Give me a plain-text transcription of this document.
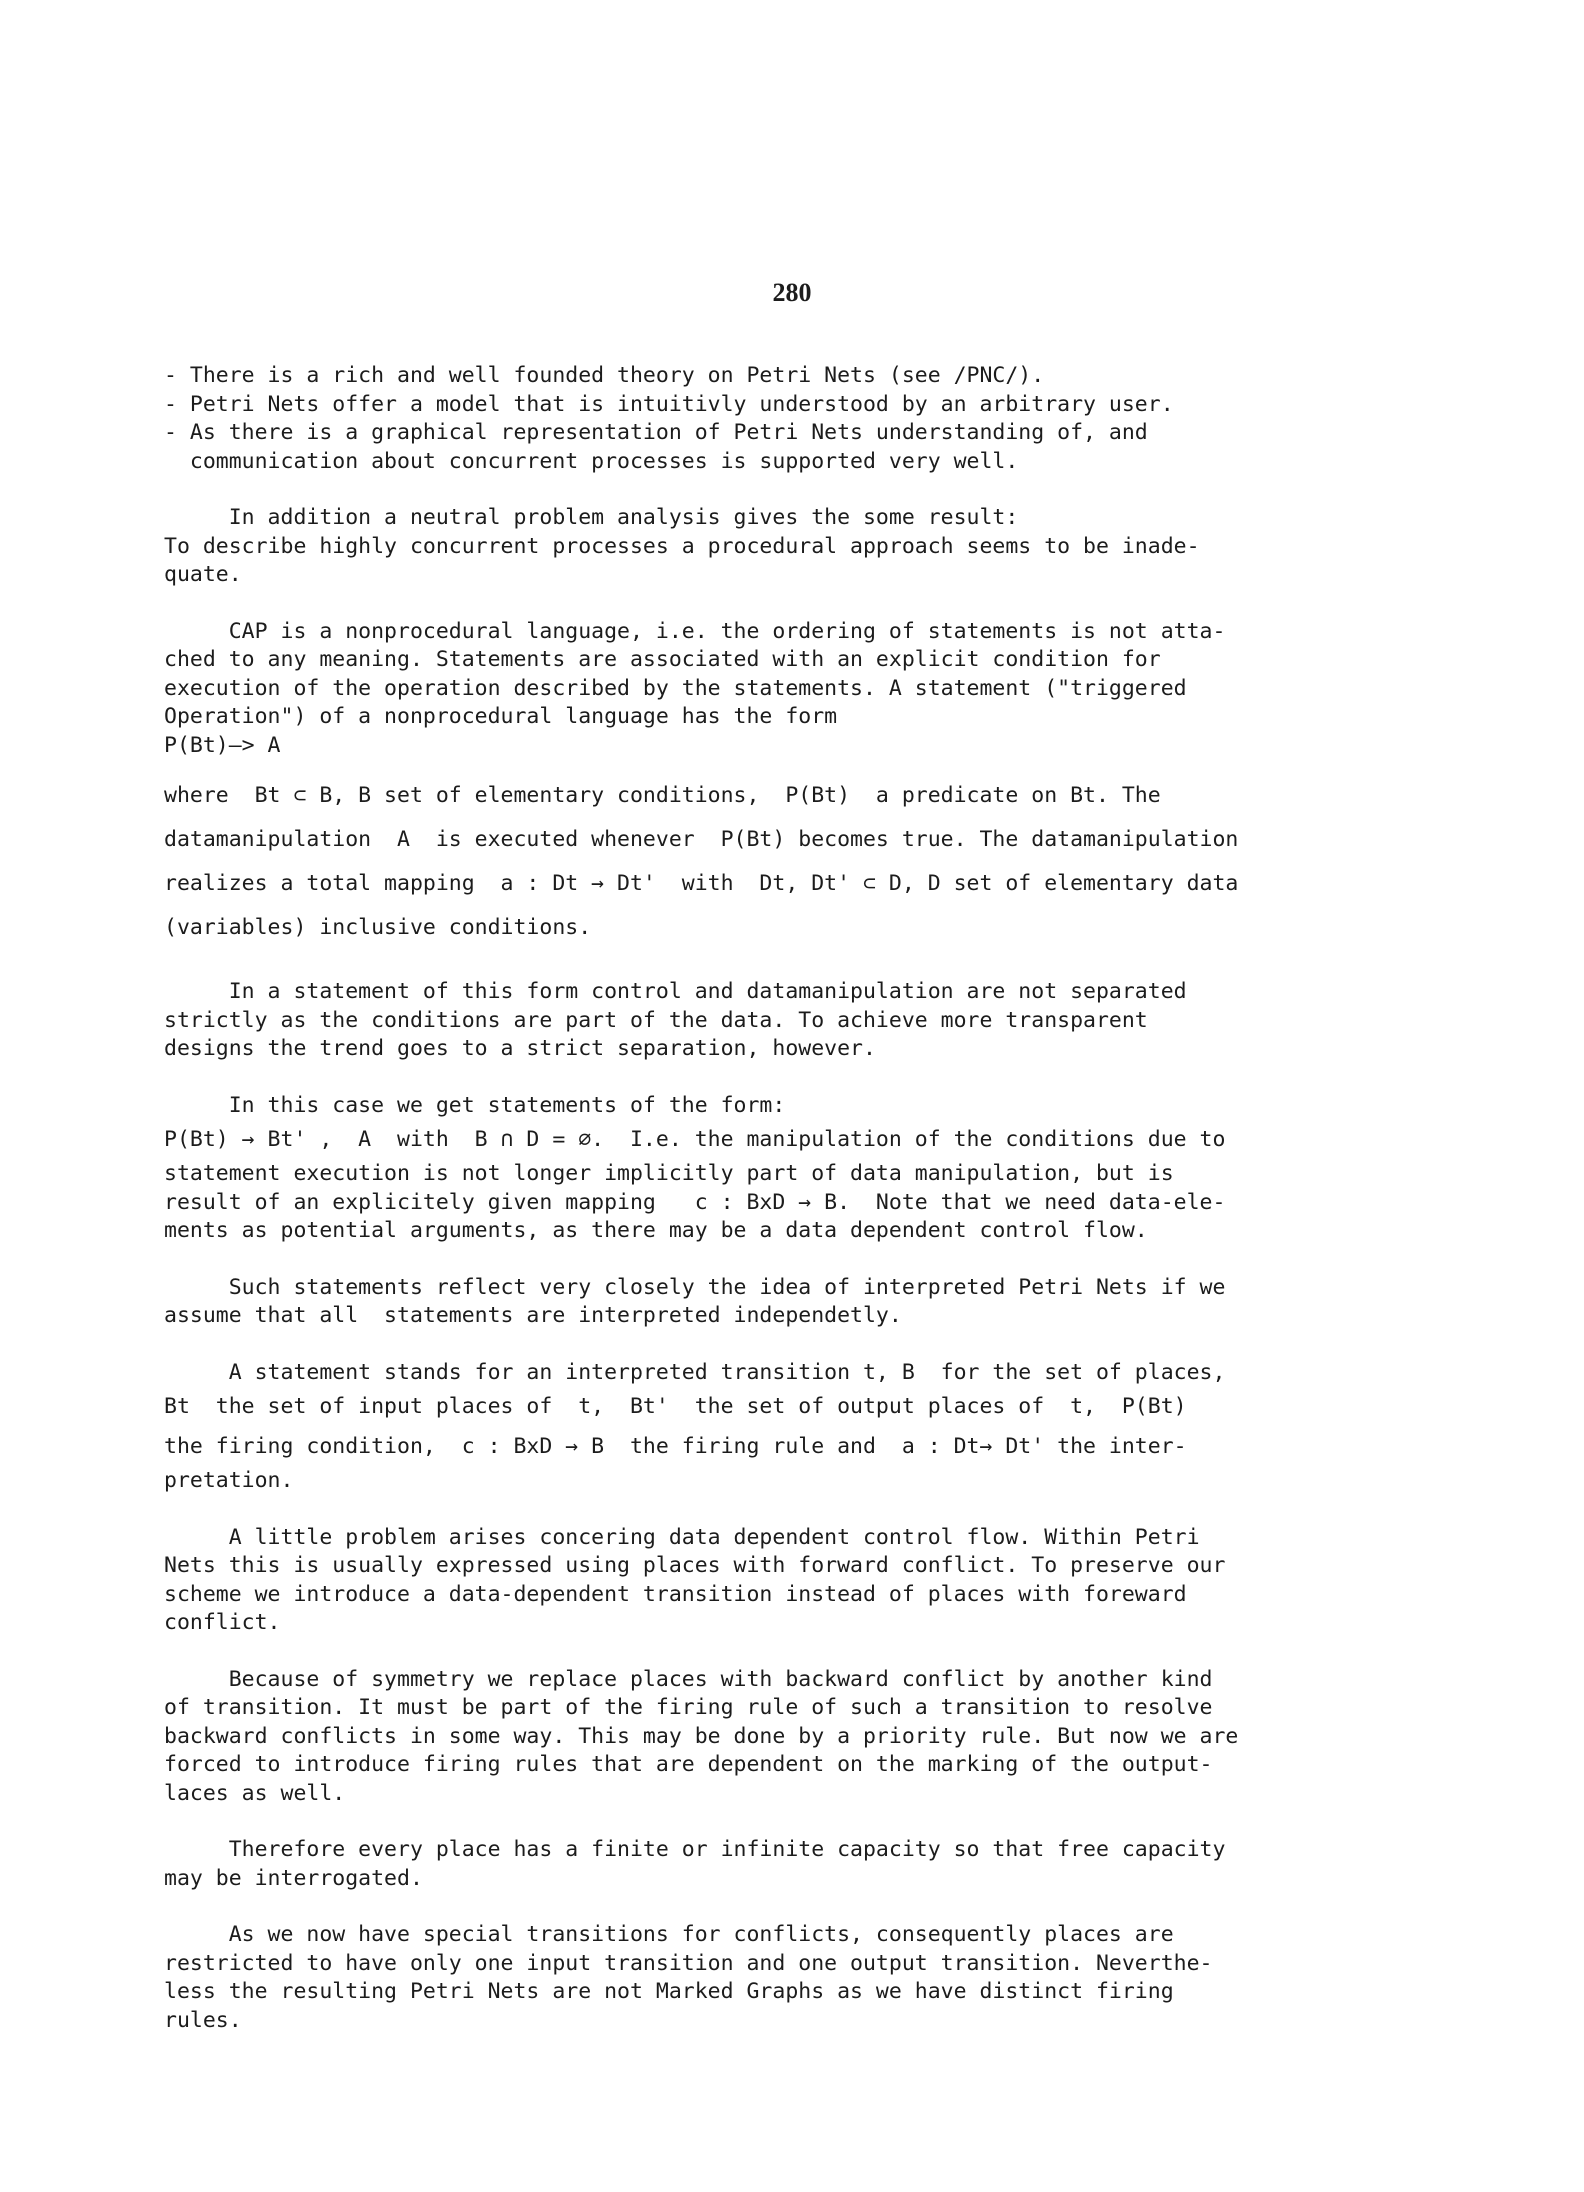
280
- There is a rich and well founded theory on Petri Nets (see /PNC/).
- Petri Nets offer a model that is intuitivly understood by an arbitrary user.
- As there is a graphical representation of Petri Nets understanding of, and
communication about concurrent processes is supported very well.
In addition a neutral problem analysis gives the some result:
To describe highly concurrent processes a procedural approach seems to be inade-
quate.
CAP is a nonprocedural language, i.e. the ordering of statements is not atta-
ched to any meaning. Statements are associated with an explicit condition for
execution of the operation described by the statements. A statement ("triggered
Operation") of a nonprocedural language has the form
P(Bt)—> A
where  Bt ⊂ B, B set of elementary conditions,  P(Bt)  a predicate on Bt. The
datamanipulation  A  is executed whenever  P(Bt) becomes true. The datamanipulation
realizes a total mapping  a : Dt → Dt'  with  Dt, Dt' ⊂ D, D set of elementary data
(variables) inclusive conditions.
In a statement of this form control and datamanipulation are not separated
strictly as the conditions are part of the data. To achieve more transparent
designs the trend goes to a strict separation, however.
In this case we get statements of the form:
P(Bt) → Bt' ,  A  with  B ∩ D = ∅.  I.e. the manipulation of the conditions due to
statement execution is not longer implicitly part of data manipulation, but is
result of an explicitely given mapping   c : BxD → B.  Note that we need data-ele-
ments as potential arguments, as there may be a data dependent control flow.
Such statements reflect very closely the idea of interpreted Petri Nets if we
assume that all  statements are interpreted independetly.
A statement stands for an interpreted transition t, B  for the set of places,
Bt  the set of input places of  t,  Bt'  the set of output places of  t,  P(Bt)
the firing condition,  c : BxD → B  the firing rule and  a : Dt→ Dt' the inter-
pretation.
A little problem arises concering data dependent control flow. Within Petri
Nets this is usually expressed using places with forward conflict. To preserve our
scheme we introduce a data-dependent transition instead of places with foreward
conflict.
Because of symmetry we replace places with backward conflict by another kind
of transition. It must be part of the firing rule of such a transition to resolve
backward conflicts in some way. This may be done by a priority rule. But now we are
forced to introduce firing rules that are dependent on the marking of the output-
laces as well.
Therefore every place has a finite or infinite capacity so that free capacity
may be interrogated.
As we now have special transitions for conflicts, consequently places are
restricted to have only one input transition and one output transition. Neverthe-
less the resulting Petri Nets are not Marked Graphs as we have distinct firing
rules.
